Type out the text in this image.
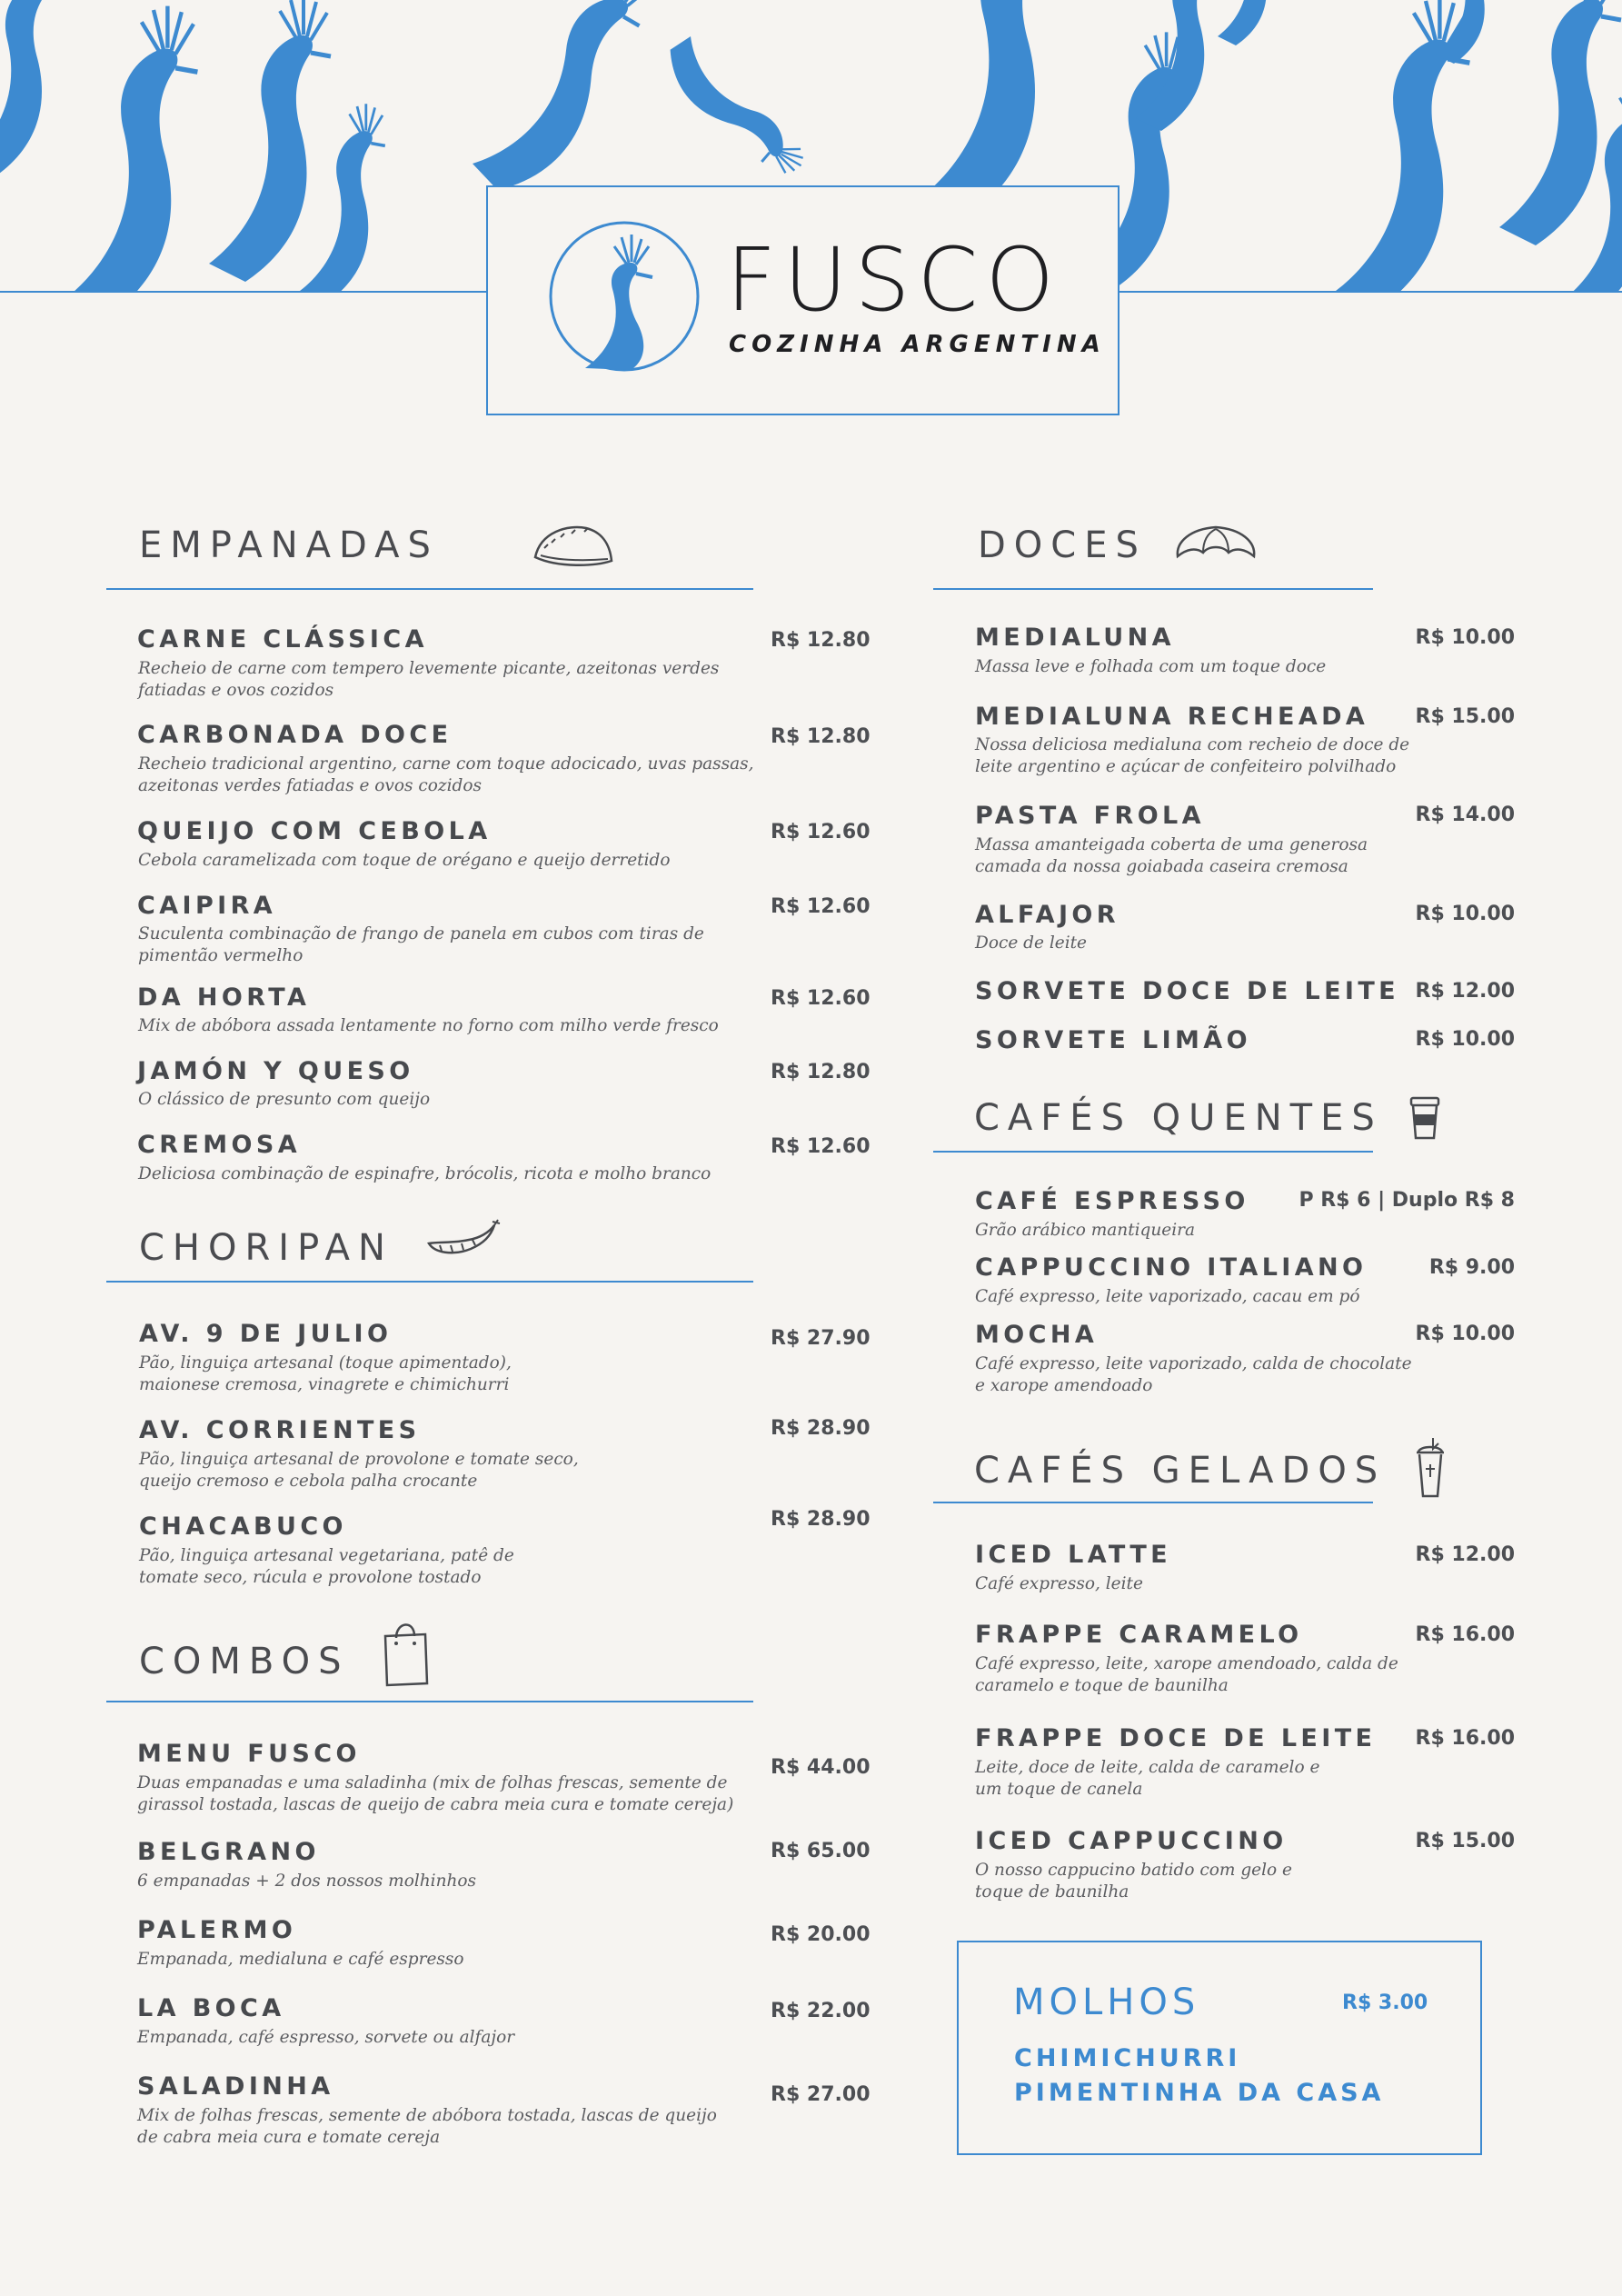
FUSCO
COZINHA ARGENTINA
EMPANADAS
CARNE CLÁSSICA	R$ 12.80
Recheio de carne com tempero levemente picante, azeitonas verdes
fatiadas e ovos cozidos
CARBONADA DOCE	R$ 12.80
Recheio tradicional argentino, carne com toque adocicado, uvas passas,
azeitonas verdes fatiadas e ovos cozidos
QUEIJO COM CEBOLA	R$ 12.60
Cebola caramelizada com toque de orégano e queijo derretido
CAIPIRA	R$ 12.60
Suculenta combinação de frango de panela em cubos com tiras de
pimentão vermelho
DA HORTA	R$ 12.60
Mix de abóbora assada lentamente no forno com milho verde fresco
JAMÓN Y QUESO	R$ 12.80
O clássico de presunto com queijo
CREMOSA	R$ 12.60
Deliciosa combinação de espinafre, brócolis, ricota e molho branco
CHORIPAN
AV. 9 DE JULIO	R$ 27.90
Pão, linguiça artesanal (toque apimentado),
maionese cremosa, vinagrete e chimichurri
AV. CORRIENTES	R$ 28.90
Pão, linguiça artesanal de provolone e tomate seco,
queijo cremoso e cebola palha crocante
CHACABUCO	R$ 28.90
Pão, linguiça artesanal vegetariana, patê de
tomate seco, rúcula e provolone tostado
COMBOS
MENU FUSCO	R$ 44.00
Duas empanadas e uma saladinha (mix de folhas frescas, semente de
girassol tostada, lascas de queijo de cabra meia cura e tomate cereja)
BELGRANO	R$ 65.00
6 empanadas + 2 dos nossos molhinhos
PALERMO	R$ 20.00
Empanada, medialuna e café espresso
LA BOCA	R$ 22.00
Empanada, café espresso, sorvete ou alfajor
SALADINHA	R$ 27.00
Mix de folhas frescas, semente de abóbora tostada, lascas de queijo
de cabra meia cura e tomate cereja
DOCES
MEDIALUNA	R$ 10.00
Massa leve e folhada com um toque doce
MEDIALUNA RECHEADA R$ 15.00
Nossa deliciosa medialuna com recheio de doce de
leite argentino e açúcar de confeiteiro polvilhado
PASTA FROLA	R$ 14.00
Massa amanteigada coberta de uma generosa
camada da nossa goiabada caseira cremosa
ALFAJOR	R$ 10.00
Doce de leite
SORVETE DOCE DE LEITE R$ 12.00
SORVETE LIMÃO	R$ 10.00
CAFÉS QUENTES
CAFÉ ESPRESSO P R$ 6 | Duplo R$ 8
Grão arábico mantiqueira
CAPPUCCINO ITALIANO	R$ 9.00
Café expresso, leite vaporizado, cacau em pó
MOCHA	R$ 10.00
Café expresso, leite vaporizado, calda de chocolate
e xarope amendoado
CAFÉS GELADOS
ICED LATTE	R$ 12.00
Café expresso, leite
FRAPPE CARAMELO	R$ 16.00
Café expresso, leite, xarope amendoado, calda de
caramelo e toque de baunilha
FRAPPE DOCE DE LEITE R$ 16.00
Leite, doce de leite, calda de caramelo e
um toque de canela
ICED CAPPUCCINO	R$ 15.00
O nosso cappucino batido com gelo e
toque de baunilha
MOLHOS	R$ 3.00
CHIMICHURRI
PIMENTINHA DA CASA
